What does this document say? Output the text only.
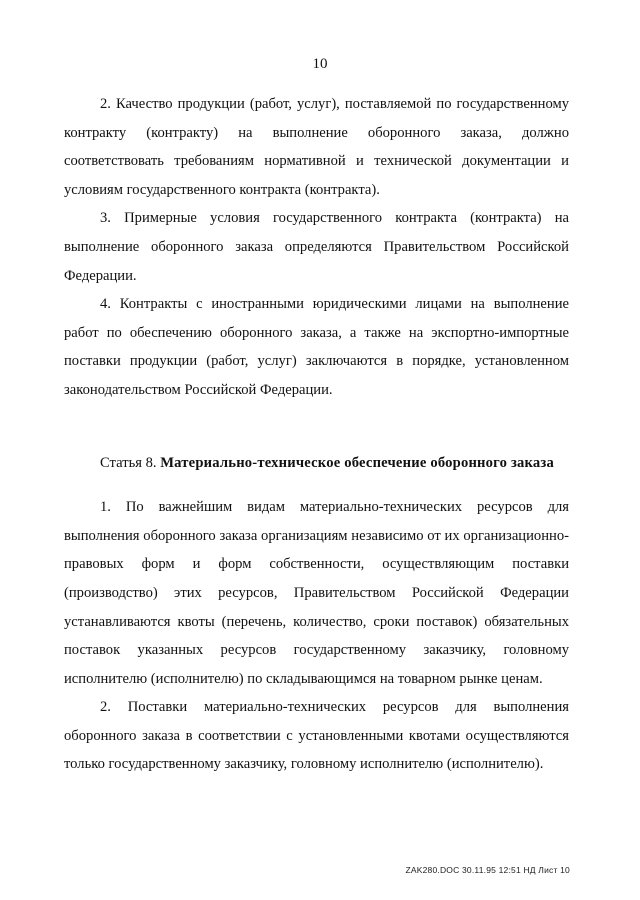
10

2. Качество продукции (работ, услуг), поставляемой по государственному контракту (контракту) на выполнение оборонного заказа, должно соответствовать требованиям нормативной и технической документации и условиям государственного контракта (контракта).

3. Примерные условия государственного контракта (контракта) на выполнение оборонного заказа определяются Правительством Российской Федерации.

4. Контракты с иностранными юридическими лицами на выполнение работ по обеспечению оборонного заказа, а также на экспортно-импортные поставки продукции (работ, услуг) заключаются в порядке, установленном законодательством Российской Федерации.

Статья 8. Материально-техническое обеспечение оборонного заказа

1. По важнейшим видам материально-технических ресурсов для выполнения оборонного заказа организациям независимо от их организационно-правовых форм и форм собственности, осуществляющим поставки (производство) этих ресурсов, Правительством Российской Федерации устанавливаются квоты (перечень, количество, сроки поставок) обязательных поставок указанных ресурсов государственному заказчику, головному исполнителю (исполнителю) по складывающимся на товарном рынке ценам.

2. Поставки материально-технических ресурсов для выполнения оборонного заказа в соответствии с установленными квотами осуществляются только государственному заказчику, головному исполнителю (исполнителю).

ZAK280.DOC 30.11.95 12:51 НД Лист 10
